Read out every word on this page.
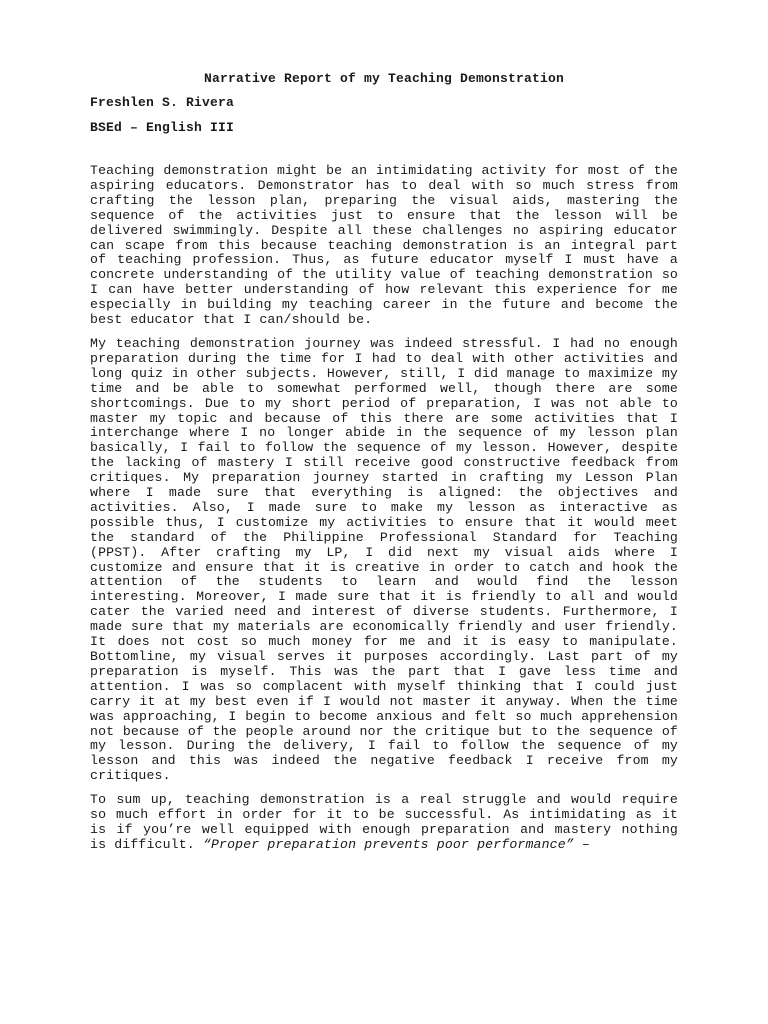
Narrative Report of my Teaching Demonstration
Freshlen S. Rivera
BSEd – English III

Teaching demonstration might be an intimidating activity for most of the aspiring educators. Demonstrator has to deal with so much stress from crafting the lesson plan, preparing the visual aids, mastering the sequence of the activities just to ensure that the lesson will be delivered swimmingly. Despite all these challenges no aspiring educator can scape from this because teaching demonstration is an integral part of teaching profession. Thus, as future educator myself I must have a concrete understanding of the utility value of teaching demonstration so I can have better understanding of how relevant this experience for me especially in building my teaching career in the future and become the best educator that I can/should be.

My teaching demonstration journey was indeed stressful. I had no enough preparation during the time for I had to deal with other activities and long quiz in other subjects. However, still, I did manage to maximize my time and be able to somewhat performed well, though there are some shortcomings. Due to my short period of preparation, I was not able to master my topic and because of this there are some activities that I interchange where I no longer abide in the sequence of my lesson plan basically, I fail to follow the sequence of my lesson. However, despite the lacking of mastery I still receive good constructive feedback from critiques. My preparation journey started in crafting my Lesson Plan where I made sure that everything is aligned: the objectives and activities. Also, I made sure to make my lesson as interactive as possible thus, I customize my activities to ensure that it would meet the standard of the Philippine Professional Standard for Teaching (PPST). After crafting my LP, I did next my visual aids where I customize and ensure that it is creative in order to catch and hook the attention of the students to learn and would find the lesson interesting. Moreover, I made sure that it is friendly to all and would cater the varied need and interest of diverse students. Furthermore, I made sure that my materials are economically friendly and user friendly. It does not cost so much money for me and it is easy to manipulate. Bottomline, my visual serves it purposes accordingly. Last part of my preparation is myself. This was the part that I gave less time and attention. I was so complacent with myself thinking that I could just carry it at my best even if I would not master it anyway. When the time was approaching, I begin to become anxious and felt so much apprehension not because of the people around nor the critique but to the sequence of my lesson. During the delivery, I fail to follow the sequence of my lesson and this was indeed the negative feedback I receive from my critiques.

To sum up, teaching demonstration is a real struggle and would require so much effort in order for it to be successful. As intimidating as it is if you’re well equipped with enough preparation and mastery nothing is difficult. “Proper preparation prevents poor performance” –
